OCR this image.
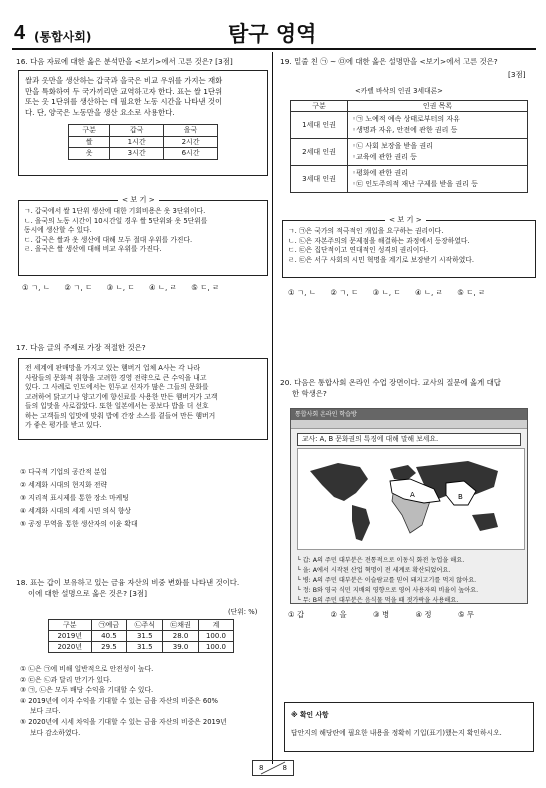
4 (통합사회)	탐구 영역
16. 다음 자료에 대한 옳은 분석만을 <보기>에서 고른 것은? [3점]
쌀과 옷만을 생산하는 갑국과 을국은 비교 우위를 가지는 재화
만을 특화하여 두 국가끼리만 교역하고자 한다. 표는 쌀 1단위
또는 옷 1단위를 생산하는 데 필요한 노동 시간을 나타낸 것이
다. 단, 양국은 노동만을 생산 요소로 사용한다.
구분	갑국	을국
쌀	1시간	2시간
옷	3시간	6시간
ㄱ. 갑국에서 쌀 1단위 생산에 대한 기회비용은 옷 3단위이다.
ㄴ. 을국의 노동 시간이 10시간일 경우 쌀 5단위와 옷 5단위를
동시에 생산할 수 있다.
ㄷ. 갑국은 쌀과 옷 생산에 대해 모두 절대 우위를 가진다.
ㄹ. 을국은 쌀 생산에 대해 비교 우위를 가진다.
< 보 기 >
① ㄱ, ㄴ ② ㄱ, ㄷ ③ ㄴ, ㄷ ④ ㄴ, ㄹ ⑤ ㄷ, ㄹ
17. 다음 글의 주제로 가장 적절한 것은?
전 세계에 판매망을 가지고 있는 햄버거 업체 A사는 각 나라
사람들의 문화적 취향을 고려한 경영 전략으로 큰 수익을 내고
있다. 그 사례로 인도에서는 힌두교 신자가 많은 그들의 문화를
고려하여 닭고기나 양고기에 향신료를 사용한 만든 햄버거가 고객
들의 입맛을 사로잡았다. 또한 일본에서는 꽁보다 밥을 더 선호
하는 고객들의 입맛에 맞춰 밥에 간장 소스를 곁들여 만든 햄버거
가 좋은 평가를 받고 있다.
① 다국적 기업의 공간적 분업
② 세계화 시대의 현지화 전략
③ 지리적 표시제를 통한 장소 마케팅
④ 세계화 시대의 세계 시민 의식 향상
⑤ 공정 무역을 통한 생산자의 이윤 확대
18. 표는 갑이 보유하고 있는 금융 자산의 비중 변화를 나타낸 것이다.
이에 대한 설명으로 옳은 것은? [3점]
(단위: %)
구분	㉠예금	㉡주식	㉢채권	계
2019년	40.5	31.5	28.0	100.0
2020년	29.5	31.5	39.0	100.0
① ㉡은 ㉠에 비해 일반적으로 안전성이 높다.
② ㉢은 ㉡과 달리 만기가 있다.
③ ㉠, ㉡은 모두 배당 수익을 기대할 수 있다.
④ 2019년에 이자 수익을 기대할 수 있는 금융 자산의 비중은 60%
보다 크다.
⑤ 2020년에 시세 차익을 기대할 수 있는 금융 자산의 비중은 2019년
보다 감소하였다.
19. 밑줄 친 ㉠ ~ ㉤에 대한 옳은 설명만을 <보기>에서 고른 것은?
[3점]
<카렐 바삭의 인권 3세대론>
구분	인권 목록
1세대 인권	◦㉠ 노예적 예속 상태로부터의 자유
◦생명과 자유, 안전에 관한 권리 등

2세대 인권	◦㉡ 사회 보장을 받을 권리
◦교육에 관한 권리 등

3세대 인권	◦평화에 관한 권리
◦㉢ 인도주의적 재난 구제를 받을 권리 등
ㄱ. ㉠은 국가의 적극적인 개입을 요구하는 권리이다.
ㄴ. ㉡은 자본주의의 문제점을 해결하는 과정에서 등장하였다.
ㄷ. ㉢은 집단적이고 연대적인 성격의 권리이다.
ㄹ. ㉢은 서구 사회의 시민 혁명을 계기로 보장받기 시작하였다.
< 보 기 >
① ㄱ, ㄴ ② ㄱ, ㄷ ③ ㄴ, ㄷ ④ ㄴ, ㄹ ⑤ ㄷ, ㄹ
20. 다음은 통합사회 온라인 수업 장면이다. 교사의 질문에 옳게 대답
한 학생은?
통합사회 온라인 학습방
교사: A, B 문화권의 특징에 대해 말해 보세요.
A	B
└ 갑: A의 주민 대부분은 전통적으로 이동식 화전 농업을 해요.
└ 을: A에서 시작된 산업 혁명이 전 세계로 확산되었어요.
└ 병: A의 주민 대부분은 이슬람교를 믿어 돼지고기를 먹지 않아요.
└ 정: B와 영국 식민 지배의 영향으로 영어 사용자의 비율이 높아요.
└ 무: B의 주민 대부분은 음식물 먹을 때 젓가락을 사용해요.
① 갑	② 을	③ 병	④ 정	⑤ 무
※ 확인 사항
답안지의 해당란에 필요한 내용을 정확히 기입(표기)했는지 확인하시오.
8	8
